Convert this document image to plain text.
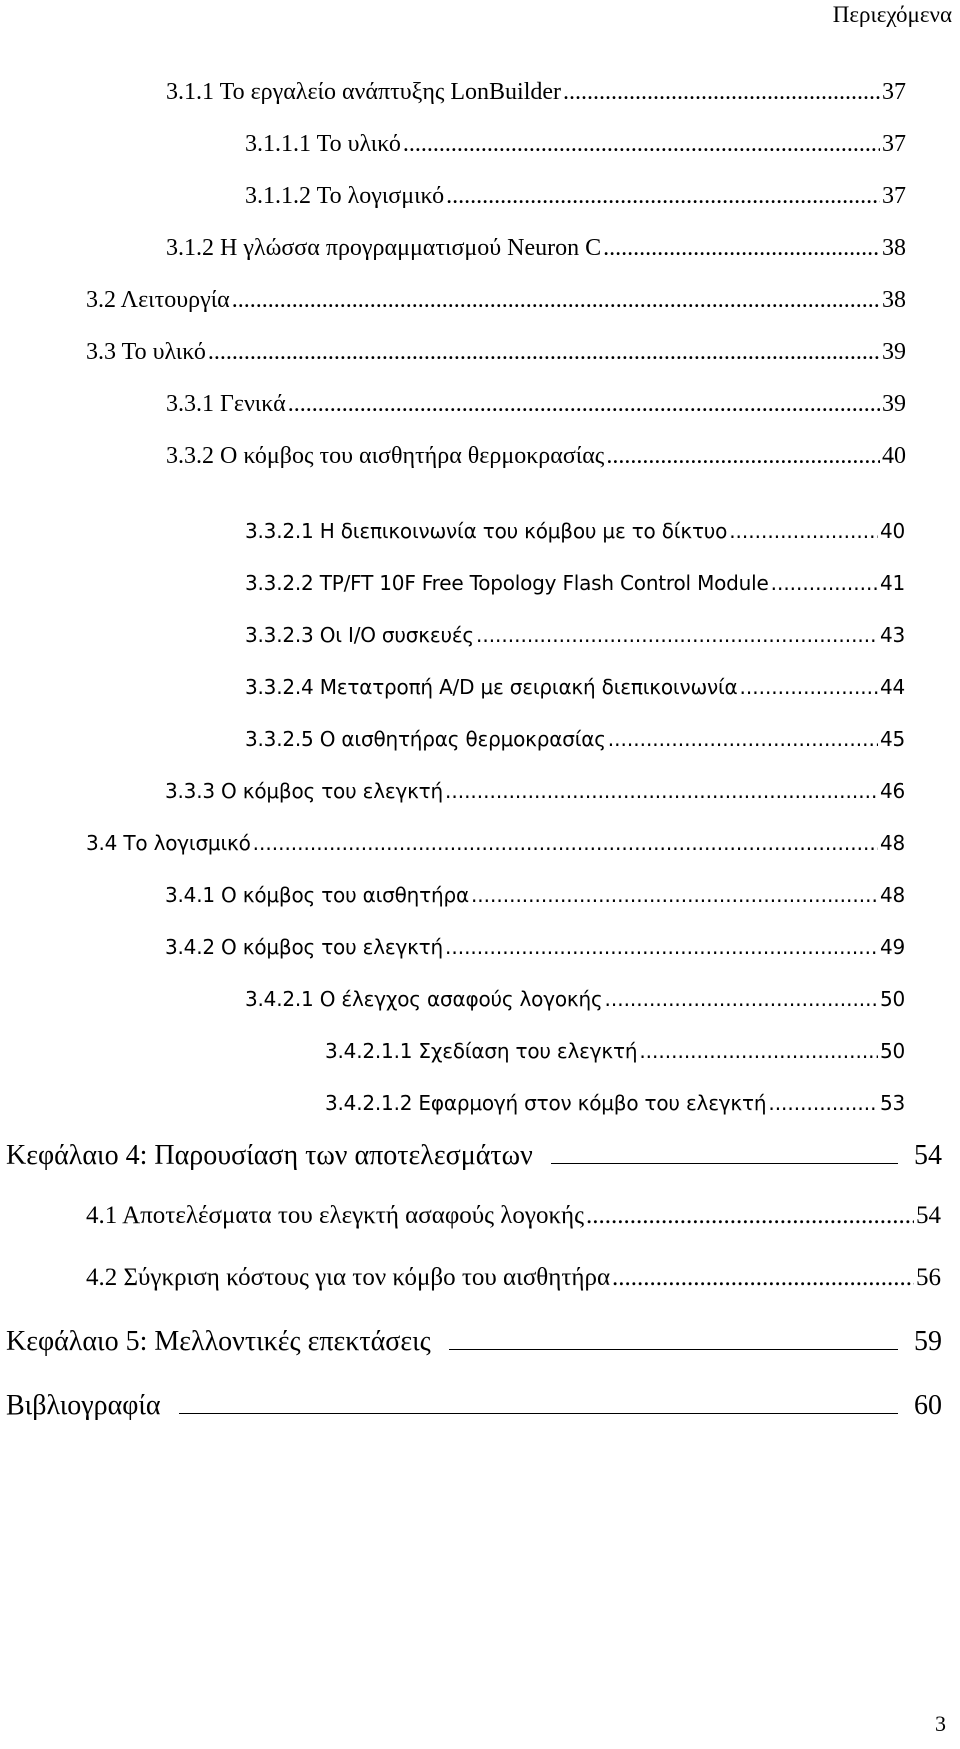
Περιεχόμενα
3.1.1 Το εργαλείο ανάπτυξης LonBuilder .....	37
3.1.1.1 Το υλικό .....	37
3.1.1.2 Το λογισμικό .....	37
3.1.2 Η γλώσσα προγραμματισμού Neuron C .....	38
3.2 Λειτουργία .....	38
3.3 Το υλικό .....	39
3.3.1 Γενικά .....	39
3.3.2 Ο κόμβος του αισθητήρα θερμοκρασίας .....	40
3.3.2.1 Η διεπικοινωνία του κόμβου με το δίκτυο .....	40
3.3.2.2 TP/FT 10F Free Topology Flash Control Module .....	41
3.3.2.3 Οι I/O συσκευές .....	43
3.3.2.4 Μετατροπή A/D με σειριακή διεπικοινωνία .....	44
3.3.2.5 Ο αισθητήρας θερμοκρασίας .....	45
3.3.3 Ο κόμβος του ελεγκτή .....	46
3.4 Το λογισμικό .....	48
3.4.1 Ο κόμβος του αισθητήρα .....	48
3.4.2 Ο κόμβος του ελεγκτή .....	49
3.4.2.1 Ο έλεγχος ασαφούς λογοκής .....	50
3.4.2.1.1 Σχεδίαση του ελεγκτή .....	50
3.4.2.1.2 Εφαρμογή στον κόμβο του ελεγκτή .....	53
Κεφάλαιο 4: Παρουσίαση των αποτελεσμάτων	54
4.1 Αποτελέσματα του ελεγκτή ασαφούς λογοκής .....	54
4.2 Σύγκριση κόστους για τον κόμβο του αισθητήρα .....	56
Κεφάλαιο 5: Μελλοντικές επεκτάσεις	59
Βιβλιογραφία	60
3
